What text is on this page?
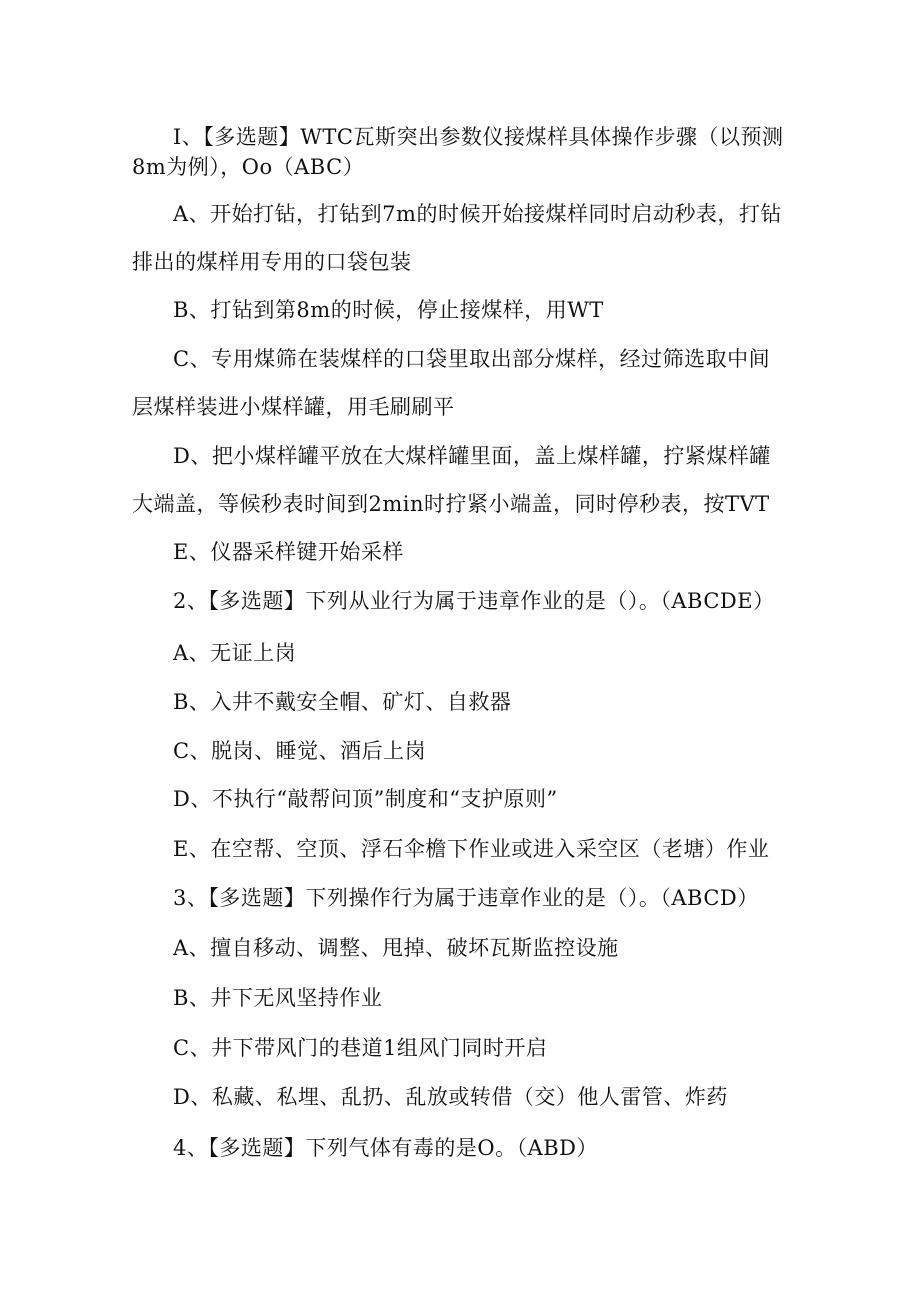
I、【多选题】WTC瓦斯突出参数仪接煤样具体操作步骤（以预测
8m为例），Oo（ABC）
A、开始打钻，打钻到7m的时候开始接煤样同时启动秒表，打钻
排出的煤样用专用的口袋包装
B、打钻到第8m的时候，停止接煤样，用WT
C、专用煤筛在装煤样的口袋里取出部分煤样，经过筛选取中间
层煤样装进小煤样罐，用毛刷刷平
D、把小煤样罐平放在大煤样罐里面，盖上煤样罐，拧紧煤样罐
大端盖，等候秒表时间到2min时拧紧小端盖，同时停秒表，按TVT
E、仪器采样键开始采样
2、【多选题】下列从业行为属于违章作业的是（）。（ABCDE）
A、无证上岗
B、入井不戴安全帽、矿灯、自救器
C、脱岗、睡觉、酒后上岗
D、不执行“敲帮问顶”制度和“支护原则”
E、在空帮、空顶、浮石伞檐下作业或进入采空区（老塘）作业
3、【多选题】下列操作行为属于违章作业的是（）。（ABCD）
A、擅自移动、调整、甩掉、破坏瓦斯监控设施
B、井下无风坚持作业
C、井下带风门的巷道1组风门同时开启
D、私藏、私埋、乱扔、乱放或转借（交）他人雷管、炸药
4、【多选题】下列气体有毒的是O。（ABD）
